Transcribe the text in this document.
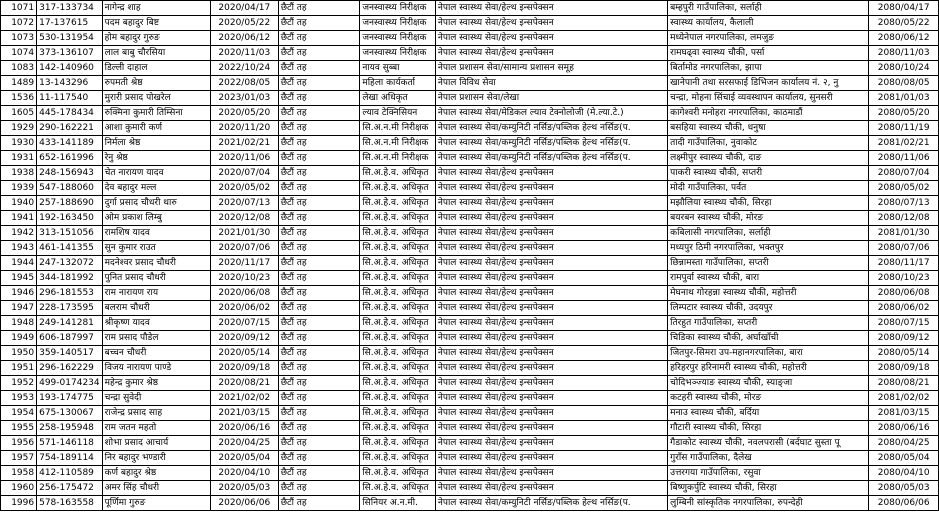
1071	317-133734	नागेन्द्र शाह	2020/04/17	छैटौं तह	जनस्वास्थ्य निरीक्षक	नेपाल स्वास्थ्य सेवा/हेल्थ इन्सपेक्सन	बम्हपुरी गाउँपालिका, सर्लाही	2080/04/17
1072	17-137615	पदम बहादुर बिष्ट	2020/05/22	छैटौं तह	जनस्वास्थ्य निरीक्षक	नेपाल स्वास्थ्य सेवा/हेल्थ इन्सपेक्सन	स्वास्थ्य कार्यालय, कैलाली	2080/05/22
1073	530-131954	होम बहादुर गुरुङ	2020/06/12	छैटौं तह	जनस्वास्थ्य निरीक्षक	नेपाल स्वास्थ्य सेवा/हेल्थ इन्सपेक्सन	मध्येनेपाल नगरपालिका, लमजुङ	2080/06/12
1074	373-136107	लाल बाबु चौरसिया	2020/11/03	छैटौं तह	जनस्वास्थ्य निरीक्षक	नेपाल स्वास्थ्य सेवा/हेल्थ इन्सपेक्सन	रामघढ्वा स्वास्थ्य चौकी, पर्सा	2080/11/03
1083	142-140960	डिल्ली दाहाल	2022/10/24	छैटौं तह	नायव सुब्बा	नेपाल प्रशासन सेवा/सामान्य प्रशासन समूह	बिर्तामोड नगरपालिका, झापा	2080/10/24
1489	13-143296	रुपमती श्रेष्ठ	2022/08/05	छैटौं तह	महिला कार्यकर्ता	नेपाल विविध सेवा	खानेपानी तथा सरसफाई डिभिजन कार्यालय नं. २, नु	2080/08/05
1536	11-117540	मुरारी प्रसाद पोखरेल	2023/01/03	छैटौं तह	लेखा अधिकृत	नेपाल प्रशासन सेवा/लेखा	चन्द्रा, मोहना सिंचाई व्यवस्थापन कार्यालय, सुनसरी	2081/01/03
1605	445-178434	रुक्मिना कुमारी तिम्सिना	2020/05/20	छैटौं तह	ल्याव टेक्निसियन	नेपाल स्वास्थ्य सेवा/मेडिकल ल्याव टेक्नोलोजी (मे.ल्या.टे.)	कागेश्वरी मनोहरा नगरपालिका, काठमाडौं	2080/05/20
1929	290-162221	आशा कुमारी कर्ण	2020/11/20	छैटौं तह	सि.अ.न.मी निरीक्षक	नेपाल स्वास्थ्य सेवा/कम्युनिटी नर्सिङ/पब्लिक हेल्थ नर्सिङ(प.	बसहिया स्वास्थ्य चौकी, धनुषा	2080/11/19
1930	433-141189	निर्मला श्रेष्ठ	2021/02/21	छैटौं तह	सि.अ.न.मी निरीक्षक	नेपाल स्वास्थ्य सेवा/कम्युनिटी नर्सिङ/पब्लिक हेल्थ नर्सिङ(प.	तादी गाउँपालिका, नुवाकोट	2081/02/21
1931	652-161996	रेनु श्रेष्ठ	2020/11/06	छैटौं तह	सि.अ.न.मी निरीक्षक	नेपाल स्वास्थ्य सेवा/कम्युनिटी नर्सिङ/पब्लिक हेल्थ नर्सिङ(प.	लक्ष्मीपुर स्वास्थ्य चौकी, दाङ	2080/11/06
1938	248-156943	चेत नारायण यादव	2020/07/04	छैटौं तह	सि.अ.हे.व. अधिकृत	नेपाल स्वास्थ्य सेवा/हेल्थ इन्सपेक्सन	पाकरी स्वास्थ्य चौकी, सप्तरी	2080/07/04
1939	547-188060	देव बहादुर मल्ल	2020/05/02	छैटौं तह	सि.अ.हे.व. अधिकृत	नेपाल स्वास्थ्य सेवा/हेल्थ इन्सपेक्सन	मोदी गाउँपालिका, पर्वत	2080/05/02
1940	257-188690	दुर्गा प्रसाद चौधरी थारु	2020/07/13	छैटौं तह	सि.अ.हे.व. अधिकृत	नेपाल स्वास्थ्य सेवा/हेल्थ इन्सपेक्सन	मझौलिया स्वास्थ्य चौकी, सिरहा	2080/07/13
1941	192-163450	ओम प्रकाश लिम्बु	2020/12/08	छैटौं तह	सि.अ.हे.व. अधिकृत	नेपाल स्वास्थ्य सेवा/हेल्थ इन्सपेक्सन	बयरबन स्वास्थ्य चौकी, मोरङ	2080/12/08
1942	313-151056	रामशिष यादव	2021/01/30	छैटौं तह	सि.अ.हे.व. अधिकृत	नेपाल स्वास्थ्य सेवा/हेल्थ इन्सपेक्सन	कबिलासी नगरपालिका, सर्लाही	2081/01/30
1943	461-141355	सुन कुमार राउत	2020/07/06	छैटौं तह	सि.अ.हे.व. अधिकृत	नेपाल स्वास्थ्य सेवा/हेल्थ इन्सपेक्सन	मध्यपुर ठिमी नगरपालिका, भक्तपुर	2080/07/06
1944	247-132072	मदनेश्वर प्रसाद चौधरी	2020/11/17	छैटौं तह	सि.अ.हे.व. अधिकृत	नेपाल स्वास्थ्य सेवा/हेल्थ इन्सपेक्सन	छिन्नामस्ता गाउँपालिका, सप्तरी	2080/11/17
1945	344-181992	पुनित प्रसाद चौधरी	2020/10/23	छैटौं तह	सि.अ.हे.व. अधिकृत	नेपाल स्वास्थ्य सेवा/हेल्थ इन्सपेक्सन	रामपुर्वा स्वास्थ्य चौकी, बारा	2080/10/23
1946	296-181553	राम नारायण राय	2020/06/08	छैटौं तह	सि.अ.हे.व. अधिकृत	नेपाल स्वास्थ्य सेवा/हेल्थ इन्सपेक्सन	मेघनाथ गोरहन्ना स्वास्थ्य चौकी, महोत्तरी	2080/06/08
1947	228-173595	बलराम चौधरी	2020/06/02	छैटौं तह	सि.अ.हे.व. अधिकृत	नेपाल स्वास्थ्य सेवा/हेल्थ इन्सपेक्सन	लिम्पटार स्वास्थ्य चौकी, उदयपुर	2080/06/02
1948	249-141281	श्रीकृष्ण यादव	2020/07/15	छैटौं तह	सि.अ.हे.व. अधिकृत	नेपाल स्वास्थ्य सेवा/हेल्थ इन्सपेक्सन	तिरहुत गाउँपालिका, सप्तरी	2080/07/15
1949	606-187997	राम प्रसाद पौडेल	2020/09/12	छैटौं तह	सि.अ.हे.व. अधिकृत	नेपाल स्वास्थ्य सेवा/हेल्थ इन्सपेक्सन	चिडिका स्वास्थ्य चौकी, अर्घाखाँची	2080/09/12
1950	359-140517	बच्चन चौधरी	2020/05/14	छैटौं तह	सि.अ.हे.व. अधिकृत	नेपाल स्वास्थ्य सेवा/हेल्थ इन्सपेक्सन	जितपुर-सिमरा उप-महानगरपालिका, बारा	2080/05/14
1951	296-162229	विजय नारायण पाण्डे	2020/09/18	छैटौं तह	सि.अ.हे.व. अधिकृत	नेपाल स्वास्थ्य सेवा/हेल्थ इन्सपेक्सन	हरिहरपुर हरिनामरी स्वास्थ्य चौकी, महोत्तरी	2080/09/18
1952	499-0174234	महेन्द्र कुमार श्रेष्ठ	2020/08/21	छैटौं तह	सि.अ.हे.व. अधिकृत	नेपाल स्वास्थ्य सेवा/हेल्थ इन्सपेक्सन	चोदिभञ्ज्याङ स्वास्थ्य चौकी, स्याङ्जा	2080/08/21
1953	193-174775	चन्द्रा सुवेदी	2021/02/02	छैटौं तह	सि.अ.हे.व. अधिकृत	नेपाल स्वास्थ्य सेवा/हेल्थ इन्सपेक्सन	कटहरी स्वास्थ्य चौकी, मोरङ	2081/02/02
1954	675-130067	राजेन्द्र प्रसाद साह	2021/03/15	छैटौं तह	सि.अ.हे.व. अधिकृत	नेपाल स्वास्थ्य सेवा/हेल्थ इन्सपेक्सन	मनाउ स्वास्थ्य चौकी, बर्दिया	2081/03/15
1955	258-195948	राम जतन महतो	2020/06/16	छैटौं तह	सि.अ.हे.व. अधिकृत	नेपाल स्वास्थ्य सेवा/हेल्थ इन्सपेक्सन	गौटारी स्वास्थ्य चौकी, सिरहा	2080/06/16
1956	571-146118	शोभा प्रसाद आचार्य	2020/04/25	छैटौं तह	सि.अ.हे.व. अधिकृत	नेपाल स्वास्थ्य सेवा/हेल्थ इन्सपेक्सन	गैडाकोट स्वास्थ्य चौकी, नवलपरासी (बर्दघाट सुस्ता पू	2080/04/25
1957	754-189114	निर बहादुर भण्डारी	2020/05/04	छैटौं तह	सि.अ.हे.व. अधिकृत	नेपाल स्वास्थ्य सेवा/हेल्थ इन्सपेक्सन	गुराँस गाउँपालिका, दैलेख	2080/05/04
1958	412-110589	कर्ण बहादुर श्रेष्ठ	2020/04/10	छैटौं तह	सि.अ.हे.व. अधिकृत	नेपाल स्वास्थ्य सेवा/हेल्थ इन्सपेक्सन	उत्तरगया गाउँपालिका, रसुवा	2080/04/10
1960	256-175472	अमर सिंह चौधरी	2020/05/03	छैटौं तह	सि.अ.हे.व. अधिकृत	नेपाल स्वास्थ्य सेवा/हेल्थ इन्सपेक्सन	बिष्णुकर्पुटि स्वास्थ्य चौकी, सिरहा	2080/05/03
1996	578-163558	पूर्णिमा गुरुङ	2020/06/06	छैटौं तह	सिनियर अ.न.मी.	नेपाल स्वास्थ्य सेवा/कम्युनिटी नर्सिङ/पब्लिक हेल्थ नर्सिङ(प.	लुम्बिनी सांस्कृतिक नगरपालिका, रुपन्देही	2080/06/06
